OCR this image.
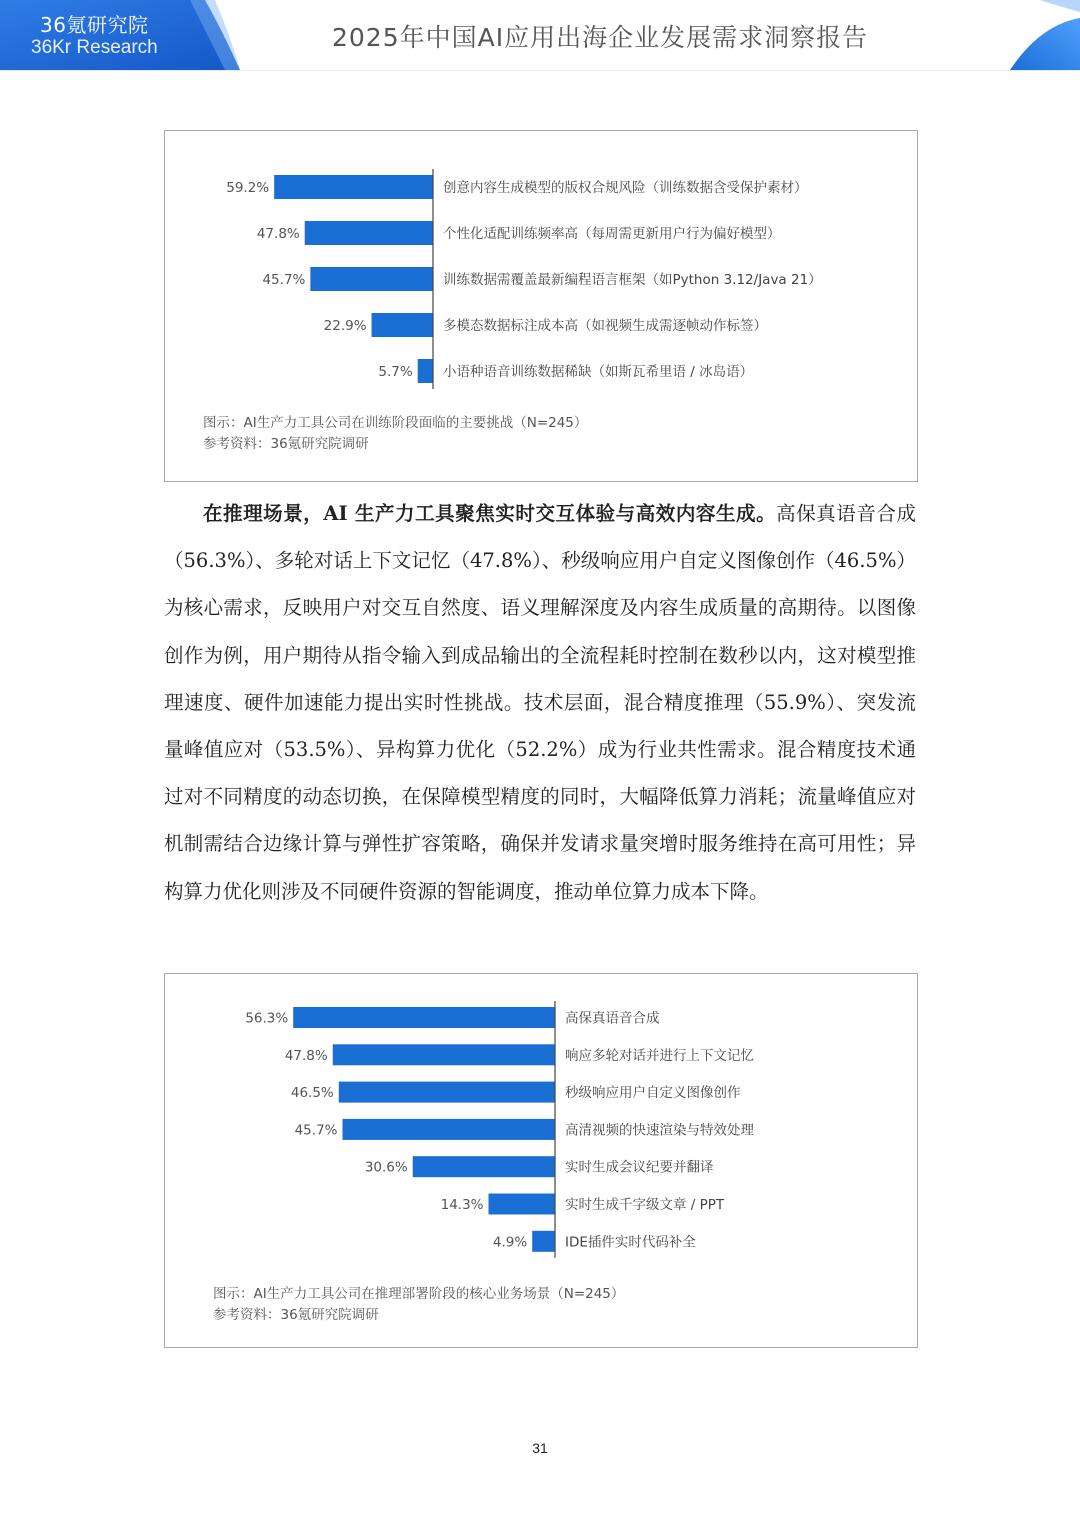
36氪研究院
36Kr Research	2025年中国AI应用出海企业发展需求洞察报告
59.2%	创意内容生成模型的版权合规风险（训练数据含受保护素材）
47.8%	个性化适配训练频率高（每周需更新用户行为偏好模型）
45.7%	训练数据需覆盖最新编程语言框架（如Python 3.12/Java 21）
22.9%	多模态数据标注成本高（如视频生成需逐帧动作标签）
5.7% 小语种语音训练数据稀缺（如斯瓦希里语 / 冰岛语）
图示：AI生产力工具公司在训练阶段面临的主要挑战（N=245）
参考资料：36氪研究院调研

在推理场景，AI 生产力工具聚焦实时交互体验与高效内容生成。高保真语音合成（56.3%）、多轮对话上下文记忆（47.8%）、秒级响应用户自定义图像创作（46.5%）为核心需求，反映用户对交互自然度、语义理解深度及内容生成质量的高期待。以图像创作为例，用户期待从指令输入到成品输出的全流程耗时控制在数秒以内，这对模型推理速度、硬件加速能力提出实时性挑战。技术层面，混合精度推理（55.9%）、突发流量峰值应对（53.5%）、异构算力优化（52.2%）成为行业共性需求。混合精度技术通过对不同精度的动态切换，在保障模型精度的同时，大幅降低算力消耗；流量峰值应对机制需结合边缘计算与弹性扩容策略，确保并发请求量突增时服务维持在高可用性；异构算力优化则涉及不同硬件资源的智能调度，推动单位算力成本下降。

56.3%	高保真语音合成
47.8%	响应多轮对话并进行上下文记忆
46.5%	秒级响应用户自定义图像创作
45.7%	高清视频的快速渲染与特效处理
30.6%	实时生成会议纪要并翻译
14.3%	实时生成千字级文章 / PPT
4.9%	IDE插件实时代码补全
图示：AI生产力工具公司在推理部署阶段的核心业务场景（N=245）
参考资料：36氪研究院调研
31
